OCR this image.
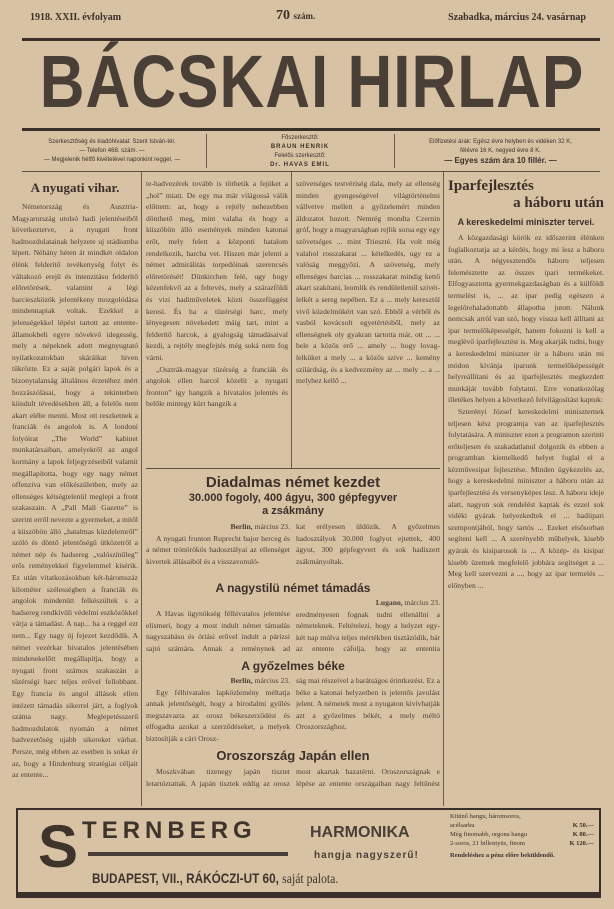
1918. XXII. évfolyam	70 szám.	Szabadka, március 24. vasárnap
BÁCSKAI HIRLAP
Szerkesztőség és kiadóhivatal: Szent István-tér.
— Telefon 468. szám. —
— Megjelenik hétfő kivételével naponkint reggel. —
Főszerkesztő:
BRAUN HENRIK
Felelős szerkesztő:
Dr. HAVAS EMIL
Előfizetési árak: Egész évre helyben és vidéken 32 K,
félévre 16 K, negyed évre 8 K.
— Egyes szám ára 10 fillér. —
A nyugati vihar.

Németország és Ausztria-Magyarország utolsó hadi jelentéseiből következtetve, a nyugati front hadmozdulatainak helyzete uj stádiumba lépett. Néhány héten át mindkét oldalon élénk felderítő tevékenység folyt és váltakozó erejű és intenzitásu felderítő előretörések, valamint a légi harcieszközök jelentékeny mozgolódása mindennapiak voltak. Ezekkel a jelenségekkel lépést tartott az entente-államokbeli egyre növekvő idegesség, mely a népeknek adott megnyugtató nyilatkozatokban skáráikat hiven tükrözte. Ez a saját polgári lapok és a bizonytalanság általános érzetéhez mért hozzászólásai, hogy a tekintetben kiindult tévedésekben áll, a felelős nem akart elébe menni. Most ott reszketnek a franciák és angolok is. A londoni folyóirat „The World” kabinet munkatársaiban, amelyekről az angol kormány a lapok feljegyzéseiből valamit megállapította, hogy egy nagy német offenziva van előkészületben, mely az ellenséges kétségtelenül meglepi a front szakaszain. A „Pall Mall Gazette” is szerint erről nevezte a gyermeket, a mitől a küszöbön álló „hatalmas küzdelemről” szóló és döntő jelentőségű ütközetről a német nép és hadsereg „valószínűleg” erős reményekkel figyelemmel kísérik. Ez után vitatkozásokban két-háromszáz kilométer szélességben a franciák és angolok mindenütt felkészültek s a hadsereg rendkívüli védelmi eszközökkel várja a támadást. A nap... ha a reggel ezt nem... Egy nagy új fejezet kezdődik. A német vezérkar hivatalos jelentésében mindenekelőtt megállapítja, hogy a nyugati front számos szakaszán a tüzérségi harc teljes erővel fellobbant. Egy francia és angol állások ellen intézett támadás sikerrel járt, a foglyok száma nagy. Meglepetésszerű hadmozdulatok nyomán a német hadvezetőség ujabb sikereket várhat. Persze, még ebben az esetben is sokat ér az, hogy a Hindenburg stratégiai céljait az entente...

te-hadvezérek tovább is törhetik a fejüket a „hol” miatt. De egy ma már világossá válik előttem: az, hogy a rejtély nehezebben dönthető meg, mint valaha és hogy a küszöbön álló események minden katonai erőt, mely felett a központi hatalom rendelkezik, harcba vet. Hiszen már jelenti a német admirálitás torpedóinak szerencsés előretörését! Dünkirchen felé, ugy hogy kézenfekvő az a feltevés, mely a szárazföldi és vizi hadiműveletek közti összefüggést keresi. És ha a tüzérségi harc, mely lényegesen növekedett máig tart, mint a felderítő harcok, a gyalogság támadásaival kezdi, a rejtély megfejtés még soká nem fog várni.

„Osztrák-magyar tüzérség a franciák és angolok ellen harcol közelit a nyugati fronton” igy hangzik a hivatalos jelentés és belőle mintegy kürt hangzik a

szövetséges testvériség dala, mely az ellenség minden gyengeségével világtörténelmi vállvetve mellett a győzelemért minden áldozatot hozott. Nemrég mondta Czernin gróf, hogy a magyarságban rejlik sorsa egy egy szövetséges ... mint Trieszté. Ha volt még valahol rosszakarat ... kételkedés, ugy ez a valóság meggyőzi. A szövetség, mely ellenséges harcias ... rosszakarat mindig kettő akart szakítani, leomlik és rendületlenül szívét-lelkét a sereg nepében. Ez a ... mely keresztül vivő küzdelmükért van szó. Ebből a vérből és vasból kovácsolt egyetértésből, mely az ellenségnek oly gyakran tartotta már, ott ... ... bele a közös erő ... amely ... hogy lovag-lelküket a mely ... a közös szíve ... kemény szilárdság, és a kedvezmény az ... mely ... a ... melyhez kellő ...

Iparfejlesztés
a háboru után
A kereskedelmi miniszter tervei.

A közgazdasági körök ez időszerint élénken foglalkoztatja az a kérdés, hogy mi lesz a háboru után. A négyesztendős háboru teljesen felemésztette az összes ipari termékeket. Elfogyasztotta gyermekgazdaságban és a külföldi termelést is, ... az ipar pedig egészen a legelőrehaladottabb állapotba jutott. Nálunk nemcsak arról van szó, hogy vissza kell állítani az ipar termelőképességét, hanem fokozni is kell a meglévő iparfejlesztést is. Meg akarják tudni, hogy a kereskedelmi miniszter úr a háboru után mi módon kívánja iparunk termelőképességét helyreállítani és az iparfejlesztés megkezdett munkáját tovább folytatni. Erre vonatkozólag illetékes helyen a következő felvilágosítást kaptuk:

Szterényi József kereskedelmi miniszternek teljesen kész programja van az iparfejlesztés folytatására. A miniszter ezen a programon szerinti erőteljesen és szakadatlanul dolgozik és ebben a programban kiemelkedő helyet foglal el a kézművesipar fejlesztése. Minden ügykezelés az, hogy a kereskedelmi miniszter a háboru után az iparfejlesztési és versenyképes lesz. A háboru ideje alatt, nagyon sok rendelést kaptak és ezzel sok vidéki gyárak helyezkedtek el ... hadiipari szempontjából, hogy tartós ... Ezeket elsősorban segíteni kell ... A szerényebb műhelyek, kisebb gyárak és kisiparosok is ... A közép- és kisipar kisebb üzemek megfelelő jobbára segítséget a ... Meg kell szervezni a ..., hogy az ipar termelés ... előnyben ...

Diadalmas német kezdet
30.000 fogoly, 400 ágyu, 300 gépfegyver
a zsákmány
Berlin, március 23.

A nyugati fronton Ruprecht bajor herceg és a német trónörökös hadosztályai az ellenséget kivertek állásaiból és a visszavonuló-

kat erélyesen üldözik. A győzelmes hadosztályok 30.000 foglyot ejtettek, 400 ágyut, 300 gépfegyvert és sok hadiszert zsákmányoltak.

A nagystilü német támadás

A Havas ügynökség félhivatalos jelentése elismeri, hogy a most indult német támadás nagyszabásu és óriási erővel indult a párizsi sajtó számára. Annak a reménynek ad

Lugano, március 23.

eredményesen fognak tudni ellenállni a németeknek. Feltételezi, hogy a helyzet egy-két nap múlva teljes mértékben tisztázódik, bár az entente cáfolja, hogy az ententia

A győzelmes béke
Berlin, március 23.

Egy félhivatalos lapközlemény méltatja annak jelentőségét, hogy a birodalmi gyűlés megszavazta az orosz békeszerződést és elfogadta azokat a szerződéseket, a melyek biztosítják a cári Orosz-

ság mai részeivel a barátságos érintkezést. Ez a béke a katonai helyzetben is jelentős javulást jelent. A németek most a nyugaton kivívhatják azt a győzelmes békét, a mely méltó Oroszországhoz.

Oroszország Japán ellen

Moszkvában tizenegy japán tisztet letartóztattak. A japán tisztek eddig az orosz

most akartak hazatérni. Oroszországnak e lépése az entente országaiban nagy feltűnést

STERNBERG	HARMONIKA
hangja nagyszerű!
BUDAPEST, VII., RÁKÓCZI-UT 60, saját palota.
Kitünő hangu, háromsoros, acélsarku	K 50.—
Még finomabb, orgona hangu	K 80.—
2-soros, 21 billentyüs, finom	K 120.—
Rendeléshez a pénz előre beküldendő.
